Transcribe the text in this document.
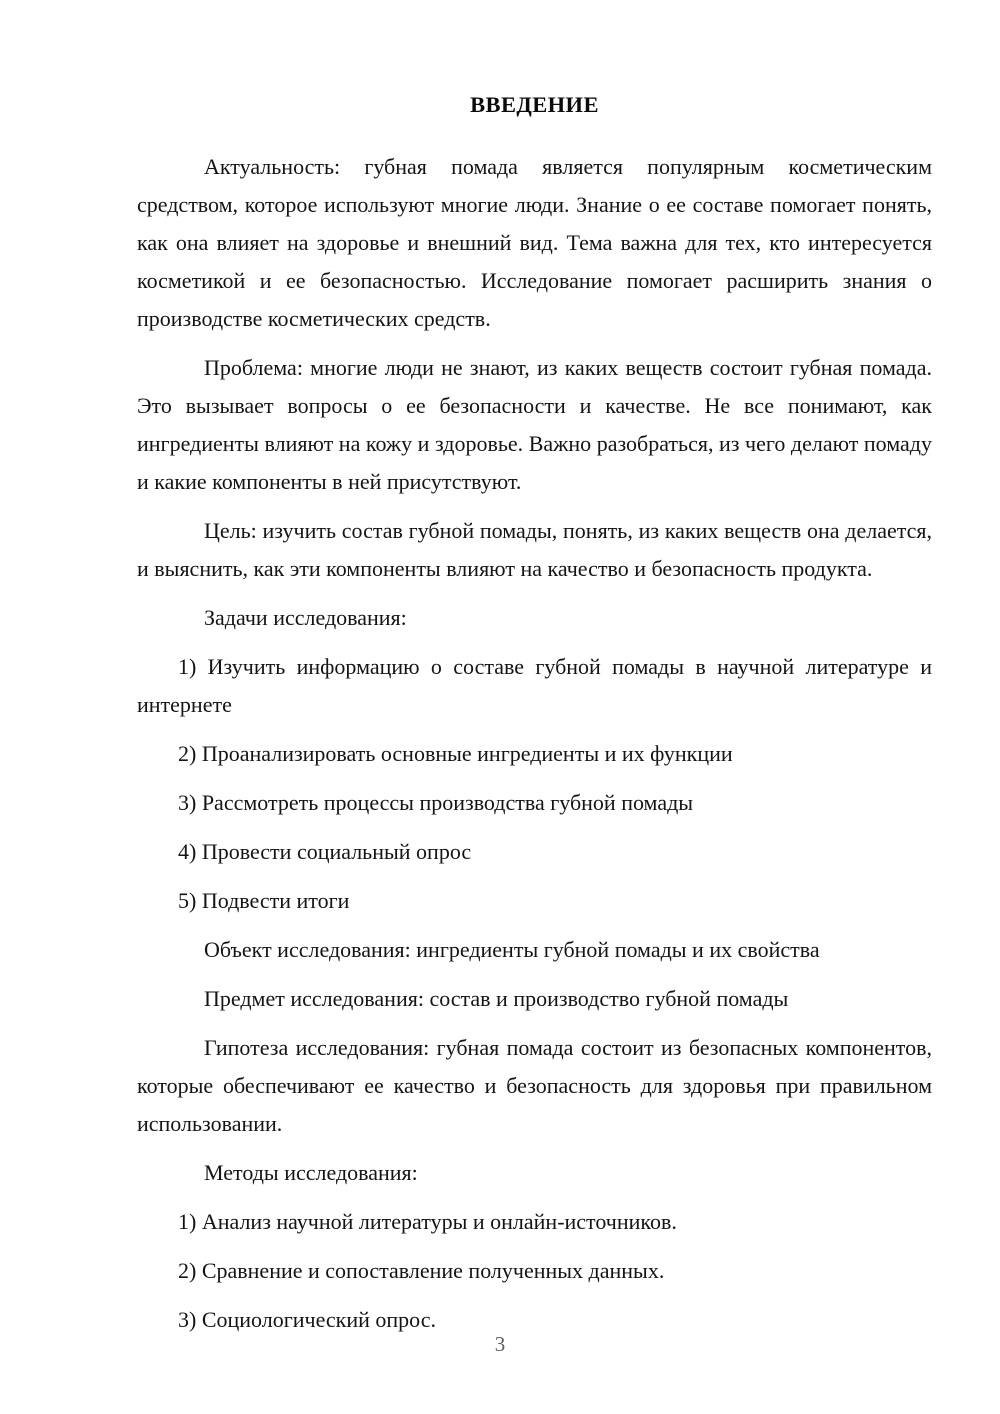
ВВЕДЕНИЕ

Актуальность: губная помада является популярным косметическим средством, которое используют многие люди. Знание о ее составе помогает понять, как она влияет на здоровье и внешний вид. Тема важна для тех, кто интересуется косметикой и ее безопасностью. Исследование помогает расширить знания о производстве косметических средств.

Проблема: многие люди не знают, из каких веществ состоит губная помада. Это вызывает вопросы о ее безопасности и качестве. Не все понимают, как ингредиенты влияют на кожу и здоровье. Важно разобраться, из чего делают помаду и какие компоненты в ней присутствуют.

Цель: изучить состав губной помады, понять, из каких веществ она делается, и выяснить, как эти компоненты влияют на качество и безопасность продукта.

Задачи исследования:

1) Изучить информацию о составе губной помады в научной литературе и интернете

2) Проанализировать основные ингредиенты и их функции

3) Рассмотреть процессы производства губной помады

4) Провести социальный опрос

5) Подвести итоги

Объект исследования: ингредиенты губной помады и их свойства

Предмет исследования: состав и производство губной помады

Гипотеза исследования: губная помада состоит из безопасных компонентов, которые обеспечивают ее качество и безопасность для здоровья при правильном использовании.

Методы исследования:

1) Анализ научной литературы и онлайн-источников.

2) Сравнение и сопоставление полученных данных.

3) Социологический опрос.

3
